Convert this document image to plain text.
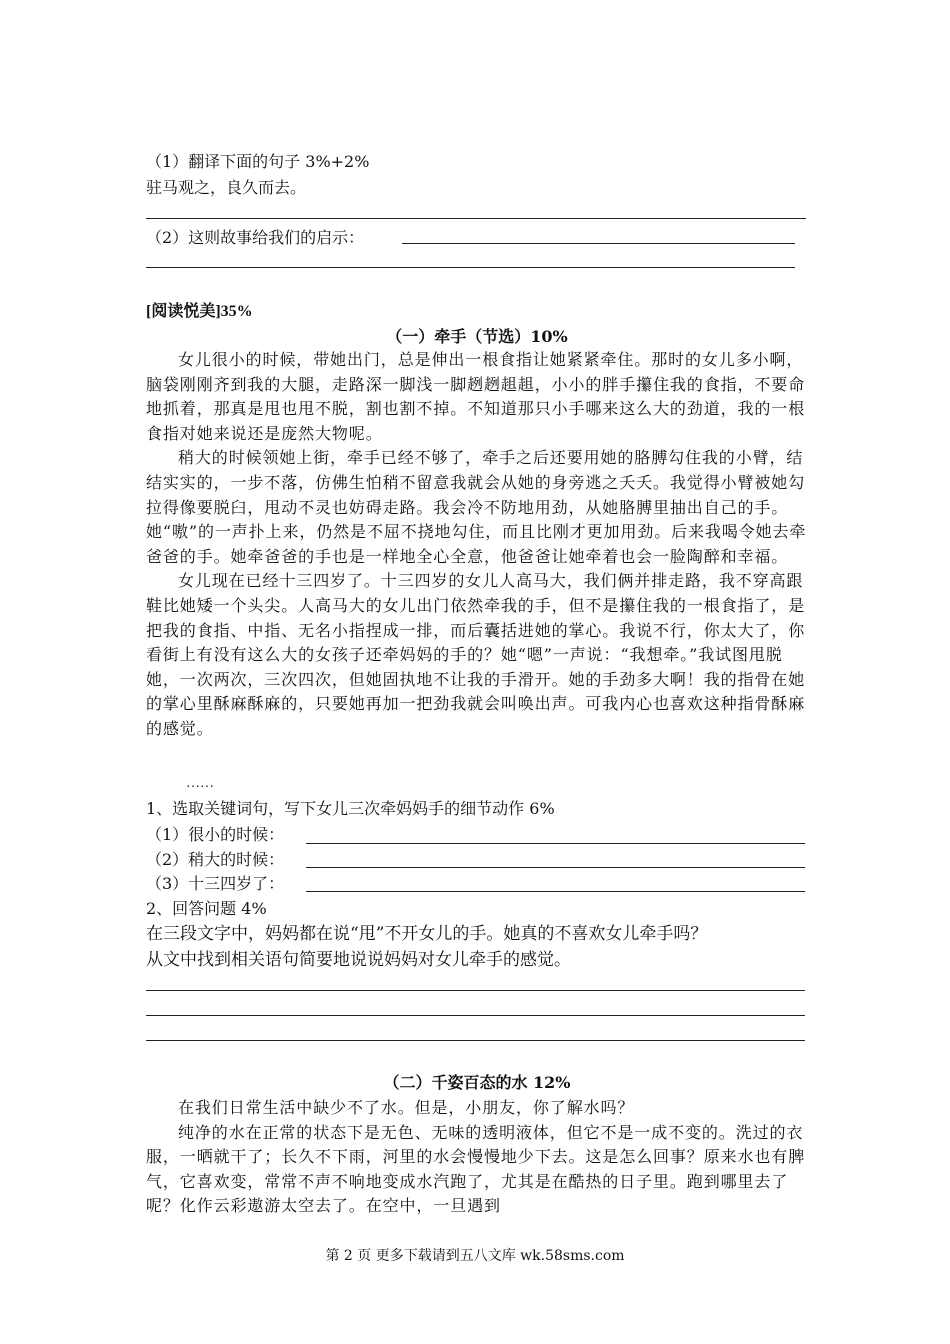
（1）翻译下面的句子 3%+2%
驻马观之，良久而去。
（2）这则故事给我们的启示：
[阅读悦美]35%
（一）牵手（节选）10%

女儿很小的时候，带她出门，总是伸出一根食指让她紧紧牵住。那时的女儿多小啊，脑袋刚刚齐到我的大腿，走路深一脚浅一脚趔趔趄趄，小小的胖手攥住我的食指，不要命地抓着，那真是甩也甩不脱，割也割不掉。不知道那只小手哪来这么大的劲道，我的一根食指对她来说还是庞然大物呢。

稍大的时候领她上街，牵手已经不够了，牵手之后还要用她的胳膊勾住我的小臂，结结实实的，一步不落，仿佛生怕稍不留意我就会从她的身旁逃之夭夭。我觉得小臂被她勾拉得像要脱臼，甩动不灵也妨碍走路。我会冷不防地用劲，从她胳膊里抽出自己的手。她“嗷”的一声扑上来，仍然是不屈不挠地勾住，而且比刚才更加用劲。后来我喝令她去牵爸爸的手。她牵爸爸的手也是一样地全心全意，他爸爸让她牵着也会一脸陶醉和幸福。

女儿现在已经十三四岁了。十三四岁的女儿人高马大，我们俩并排走路，我不穿高跟鞋比她矮一个头尖。人高马大的女儿出门依然牵我的手，但不是攥住我的一根食指了，是把我的食指、中指、无名小指捏成一排，而后囊括进她的掌心。我说不行，你太大了，你看街上有没有这么大的女孩子还牵妈妈的手的？她“嗯”一声说：“我想牵。”我试图甩脱她，一次两次，三次四次，但她固执地不让我的手滑开。她的手劲多大啊！我的指骨在她的掌心里酥麻酥麻的，只要她再加一把劲我就会叫唤出声。可我内心也喜欢这种指骨酥麻的感觉。

……
1、选取关键词句，写下女儿三次牵妈妈手的细节动作 6%
（1）很小的时候：
（2）稍大的时候：
（3）十三四岁了：
2、回答问题 4%
在三段文字中，妈妈都在说“甩”不开女儿的手。她真的不喜欢女儿牵手吗？
从文中找到相关语句简要地说说妈妈对女儿牵手的感觉。
（二）千姿百态的水 12%

在我们日常生活中缺少不了水。但是，小朋友，你了解水吗？

纯净的水在正常的状态下是无色、无味的透明液体，但它不是一成不变的。洗过的衣服，一晒就干了；长久不下雨，河里的水会慢慢地少下去。这是怎么回事？原来水也有脾气，它喜欢变，常常不声不响地变成水汽跑了，尤其是在酷热的日子里。跑到哪里去了呢？化作云彩遨游太空去了。在空中，一旦遇到

第 2 页 更多下载请到五八文库 wk.58sms.com
